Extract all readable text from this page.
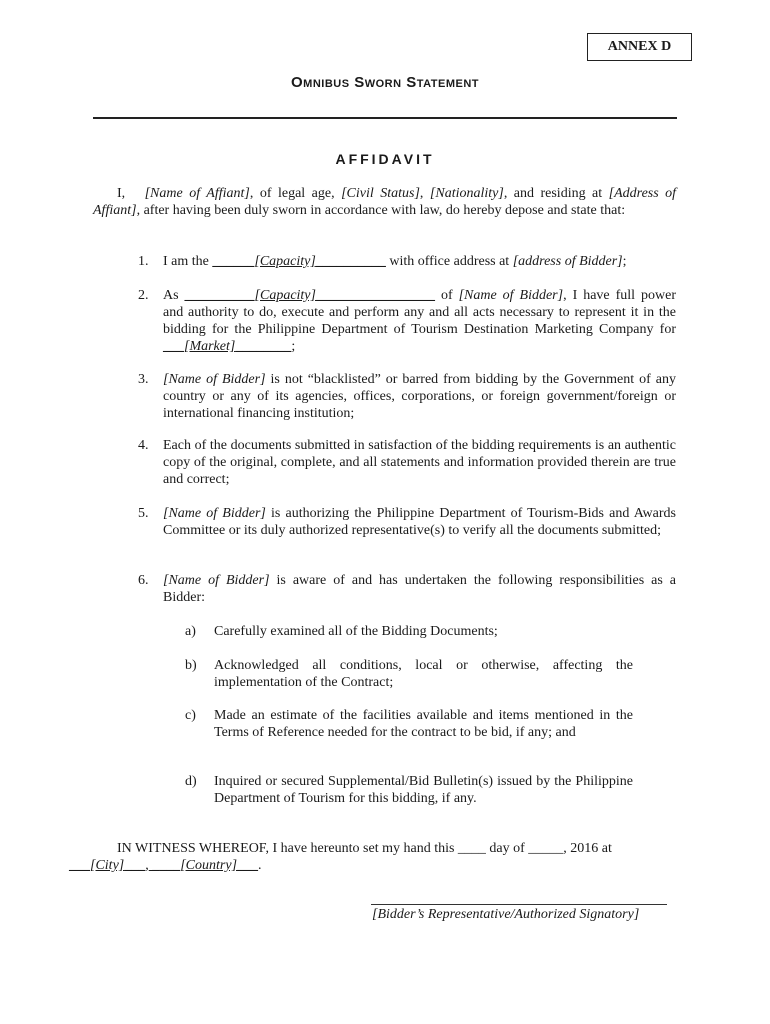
ANNEX D
Omnibus Sworn Statement
AFFIDAVIT
I, [Name of Affiant], of legal age, [Civil Status], [Nationality], and residing at [Address of Affiant], after having been duly sworn in accordance with law, do hereby depose and state that:
1. I am the ______[Capacity]__________ with office address at [address of Bidder];
2. As __________[Capacity]_________________ of [Name of Bidder], I have full power and authority to do, execute and perform any and all acts necessary to represent it in the bidding for the Philippine Department of Tourism Destination Marketing Company for ___[Market]________;
3. [Name of Bidder] is not “blacklisted” or barred from bidding by the Government of any country or any of its agencies, offices, corporations, or foreign government/foreign or international financing institution;
4. Each of the documents submitted in satisfaction of the bidding requirements is an authentic copy of the original, complete, and all statements and information provided therein are true and correct;
5. [Name of Bidder] is authorizing the Philippine Department of Tourism-Bids and Awards Committee or its duly authorized representative(s) to verify all the documents submitted;
6. [Name of Bidder] is aware of and has undertaken the following responsibilities as a Bidder:
a) Carefully examined all of the Bidding Documents;
b) Acknowledged all conditions, local or otherwise, affecting the implementation of the Contract;
c) Made an estimate of the facilities available and items mentioned in the Terms of Reference needed for the contract to be bid, if any; and
d) Inquired or secured Supplemental/Bid Bulletin(s) issued by the Philippine Department of Tourism for this bidding, if any.
IN WITNESS WHEREOF, I have hereunto set my hand this ____ day of _____, 2016 at
___[City]___, ____[Country]___.
[Bidder’s Representative/Authorized Signatory]
